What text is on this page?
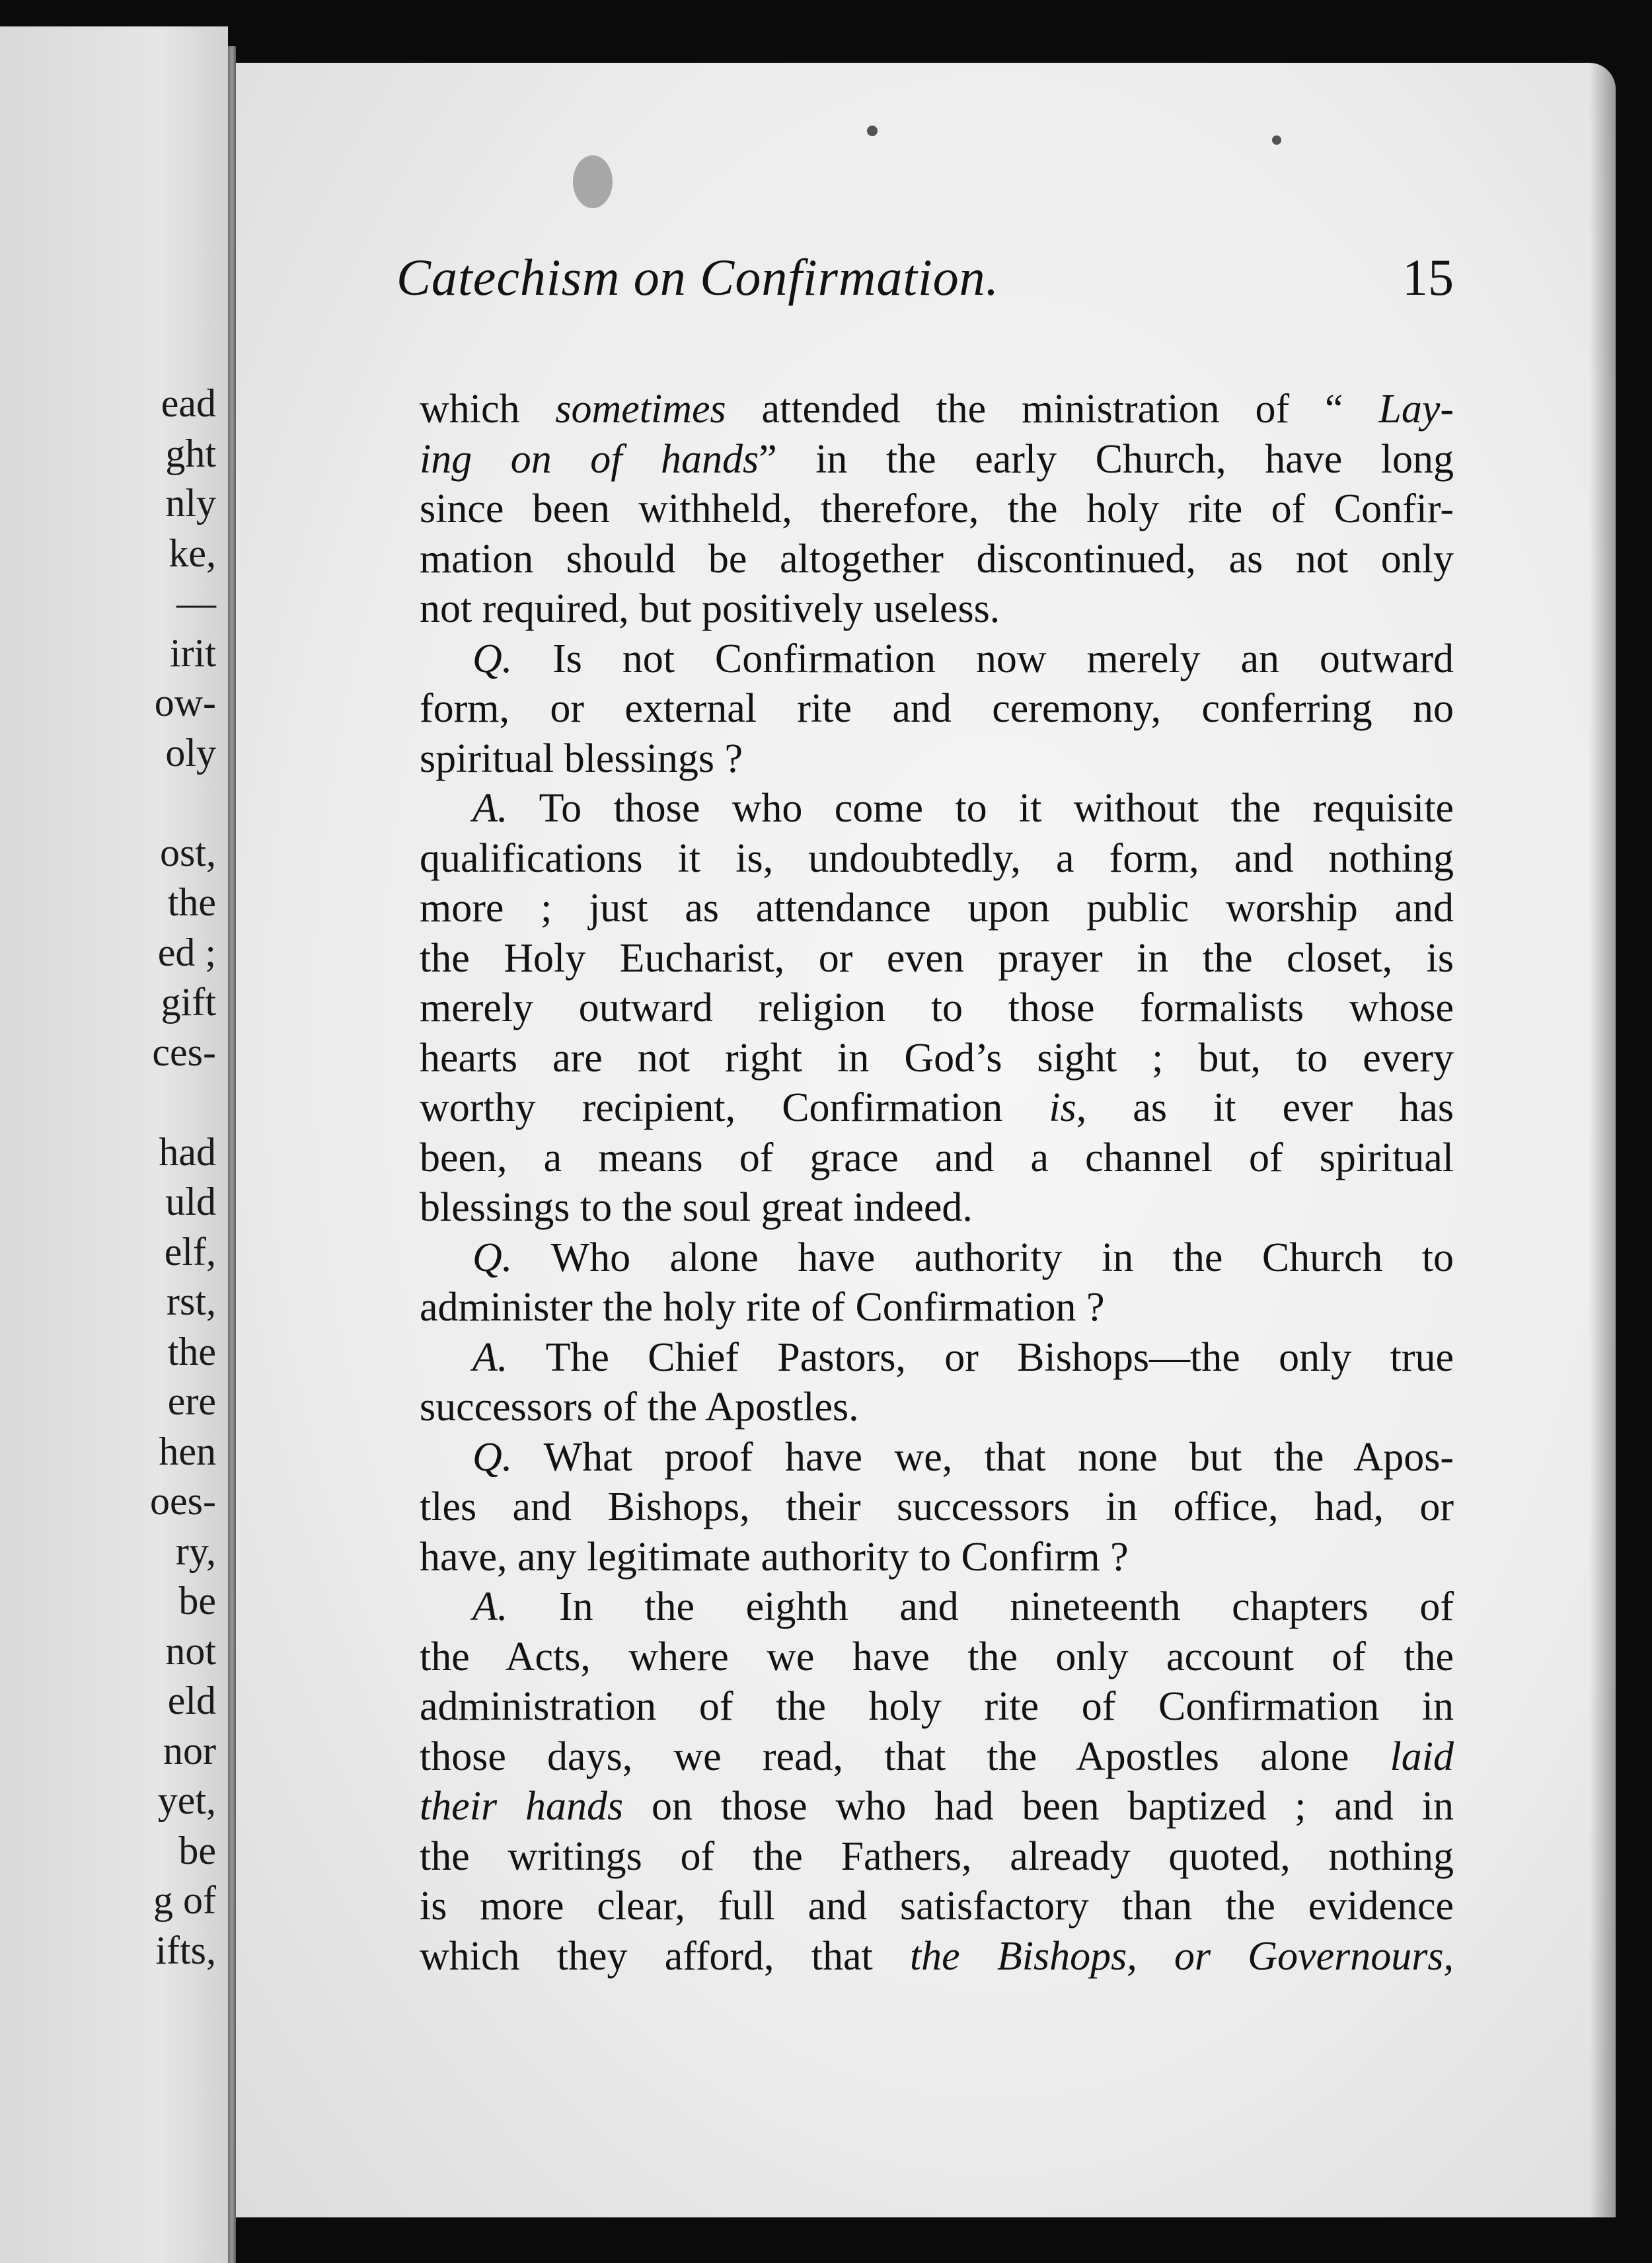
ead
ght
nly
ke,
—
irit
ow-
oly
ost,
the
ed ;
gift
ces-
had
uld
elf,
rst,
the
ere
hen
oes-
ry,
be
not
eld
nor
yet,
be
g of
ifts,
Catechism on Confirmation.	15
which sometimes attended the ministration of “ Lay-
ing on of hands” in the early Church, have long
since been withheld, therefore, the holy rite of Confir-
mation should be altogether discontinued, as not only
not required, but positively useless.
Q. Is not Confirmation now merely an outward
form, or external rite and ceremony, conferring no
spiritual blessings ?
A. To those who come to it without the requisite
qualifications it is, undoubtedly, a form, and nothing
more ; just as attendance upon public worship and
the Holy Eucharist, or even prayer in the closet, is
merely outward religion to those formalists whose
hearts are not right in God’s sight ; but, to every
worthy recipient, Confirmation is, as it ever has
been, a means of grace and a channel of spiritual
blessings to the soul great indeed.
Q. Who alone have authority in the Church to
administer the holy rite of Confirmation ?
A. The Chief Pastors, or Bishops—the only true
successors of the Apostles.
Q. What proof have we, that none but the Apos-
tles and Bishops, their successors in office, had, or
have, any legitimate authority to Confirm ?
A. In the eighth and nineteenth chapters of
the Acts, where we have the only account of the
administration of the holy rite of Confirmation in
those days, we read, that the Apostles alone laid
their hands on those who had been baptized ; and in
the writings of the Fathers, already quoted, nothing
is more clear, full and satisfactory than the evidence
which they afford, that the Bishops, or Governours,
